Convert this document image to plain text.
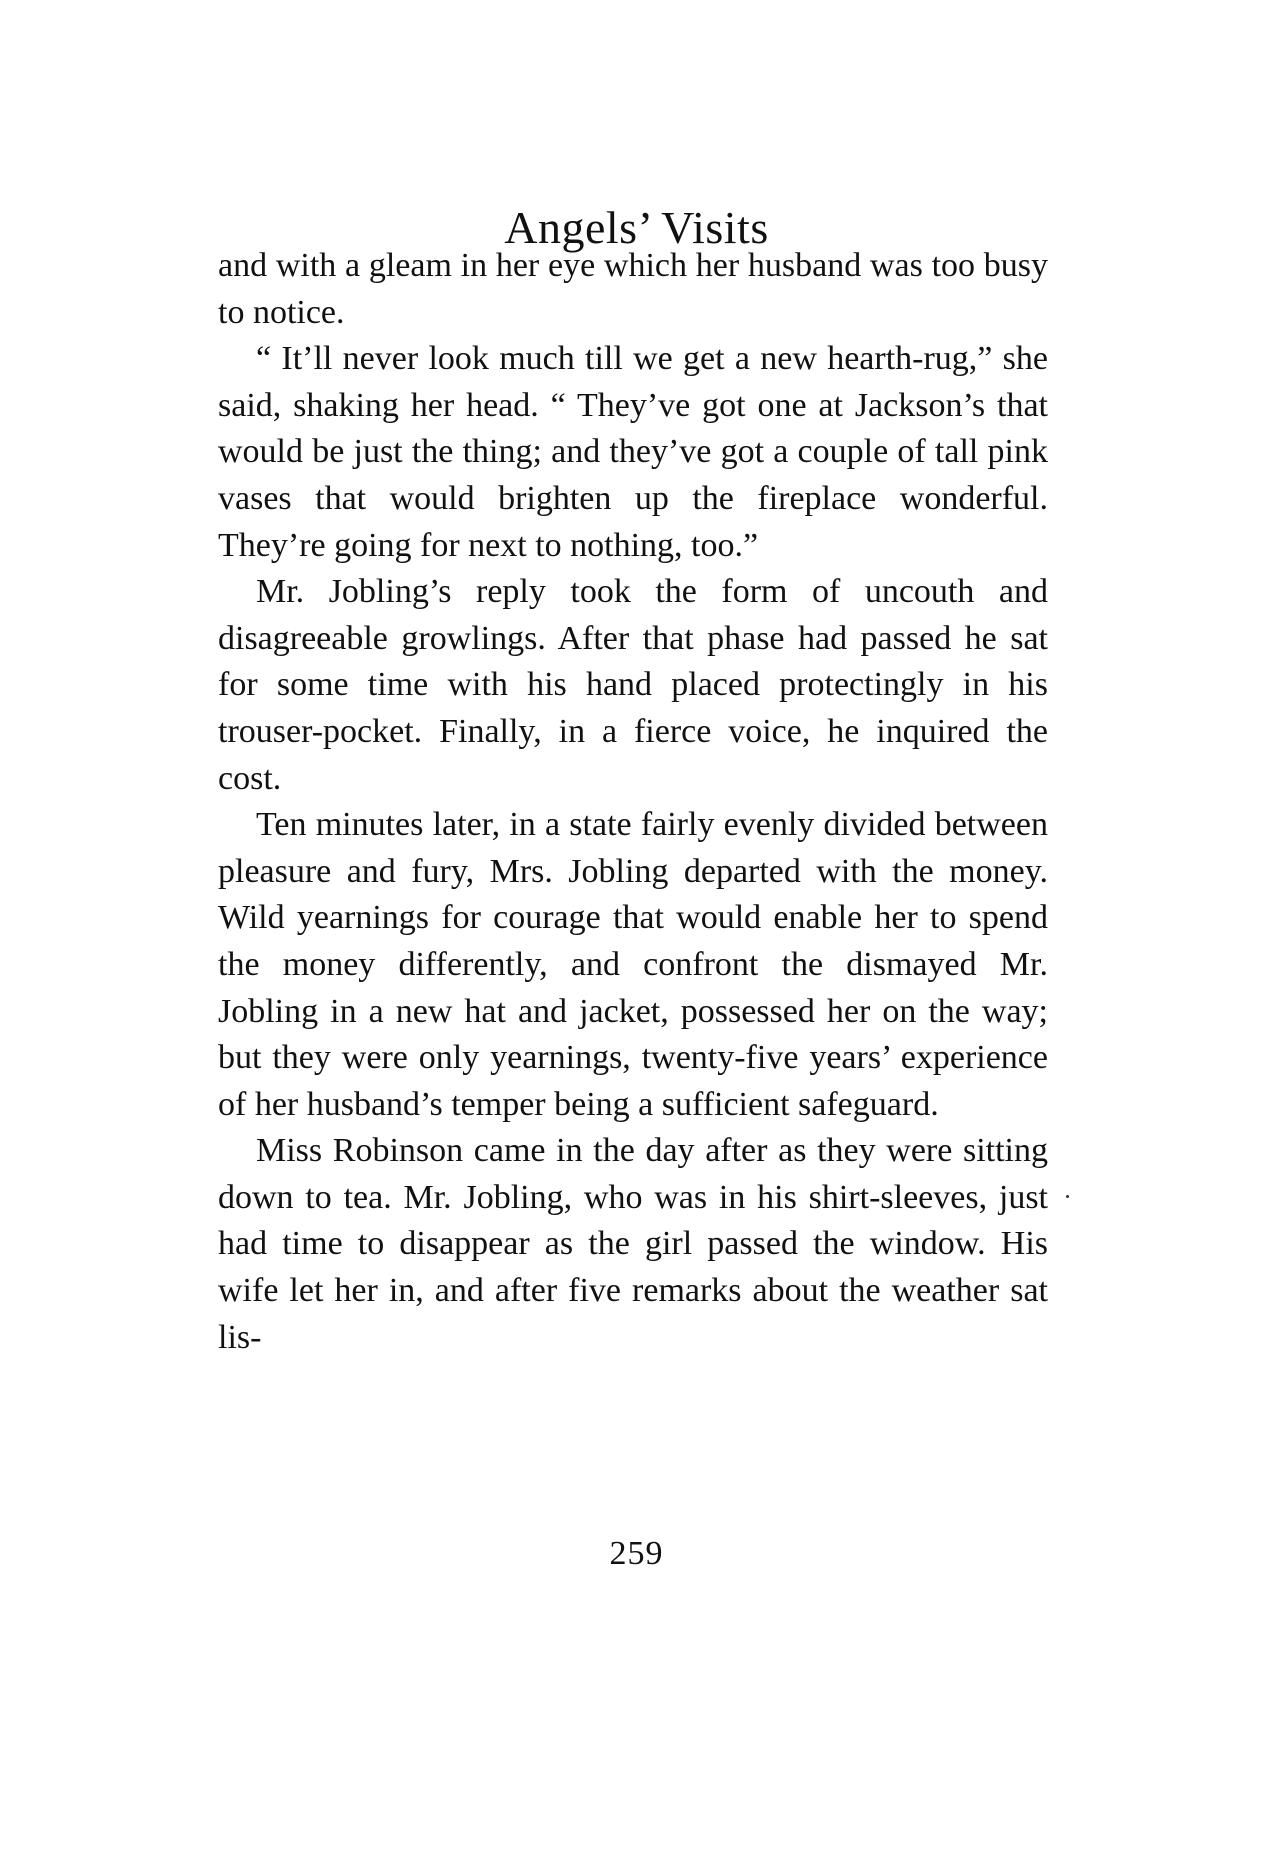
Angels’ Visits

and with a gleam in her eye which her husband was too busy to notice.

“ It’ll never look much till we get a new hearth-rug,” she said, shaking her head. “ They’ve got one at Jackson’s that would be just the thing; and they’ve got a couple of tall pink vases that would brighten up the fireplace wonderful. They’re going for next to nothing, too.”

Mr. Jobling’s reply took the form of uncouth and disagreeable growlings. After that phase had passed he sat for some time with his hand placed protectingly in his trouser-pocket. Finally, in a fierce voice, he inquired the cost.

Ten minutes later, in a state fairly evenly divided between pleasure and fury, Mrs. Jobling departed with the money. Wild yearnings for courage that would enable her to spend the money differently, and confront the dismayed Mr. Jobling in a new hat and jacket, possessed her on the way; but they were only yearnings, twenty-five years’ experience of her husband’s temper being a sufficient safeguard.

Miss Robinson came in the day after as they were sitting down to tea. Mr. Jobling, who was in his shirt-sleeves, just had time to disappear as the girl passed the window. His wife let her in, and after five remarks about the weather sat lis-

259
